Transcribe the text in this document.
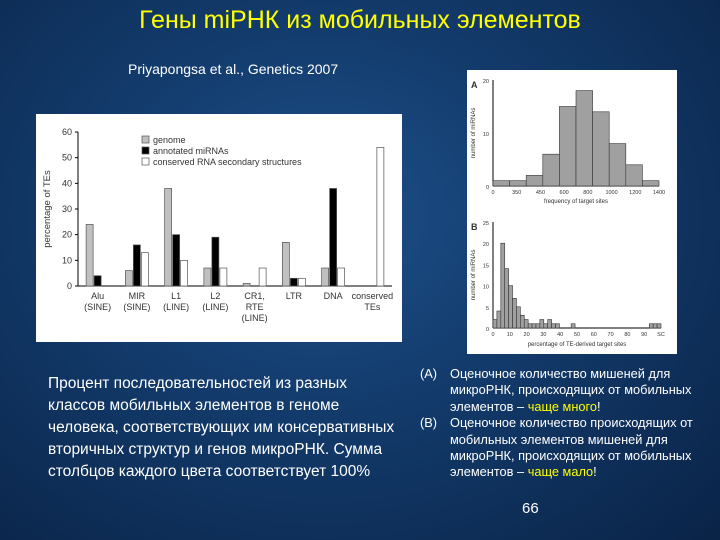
Гены miРНК из мобильных элементов
Priyapongsa et al., Genetics 2007
0
10
20
30
40
50
60
percentage of TEs
Alu (SINE)
MIR (SINE)
L1 (LINE)
L2 (LINE)
CR1, RTE (LINE)
LTR DNA conserved TEs
genome
annotated miRNAs
conserved RNA secondary structures
A
0
10
20
number of miRNAs
0	350	450	600	800 1000 1200 1400
frequency of target sites
B
0
5
10
15
20
25
number of miRNAs
0 10 20 30 40 50 60 70 80 90 SC
percentage of TE-derived target sites
Процент последовательностей из разных классов мобильных элементов в геноме человека, соответствующих им консервативных вторичных структур и генов микроРНК. Сумма столбцов каждого цвета соответствует 100%

(A) Оценочное количество мишеней для микроРНК, происходящих от мобильных элементов – чаще много!

(B) Оценочное количество происходящих от мобильных элементов мишеней для микроРНК, происходящих от мобильных элементов – чаще мало!

66
